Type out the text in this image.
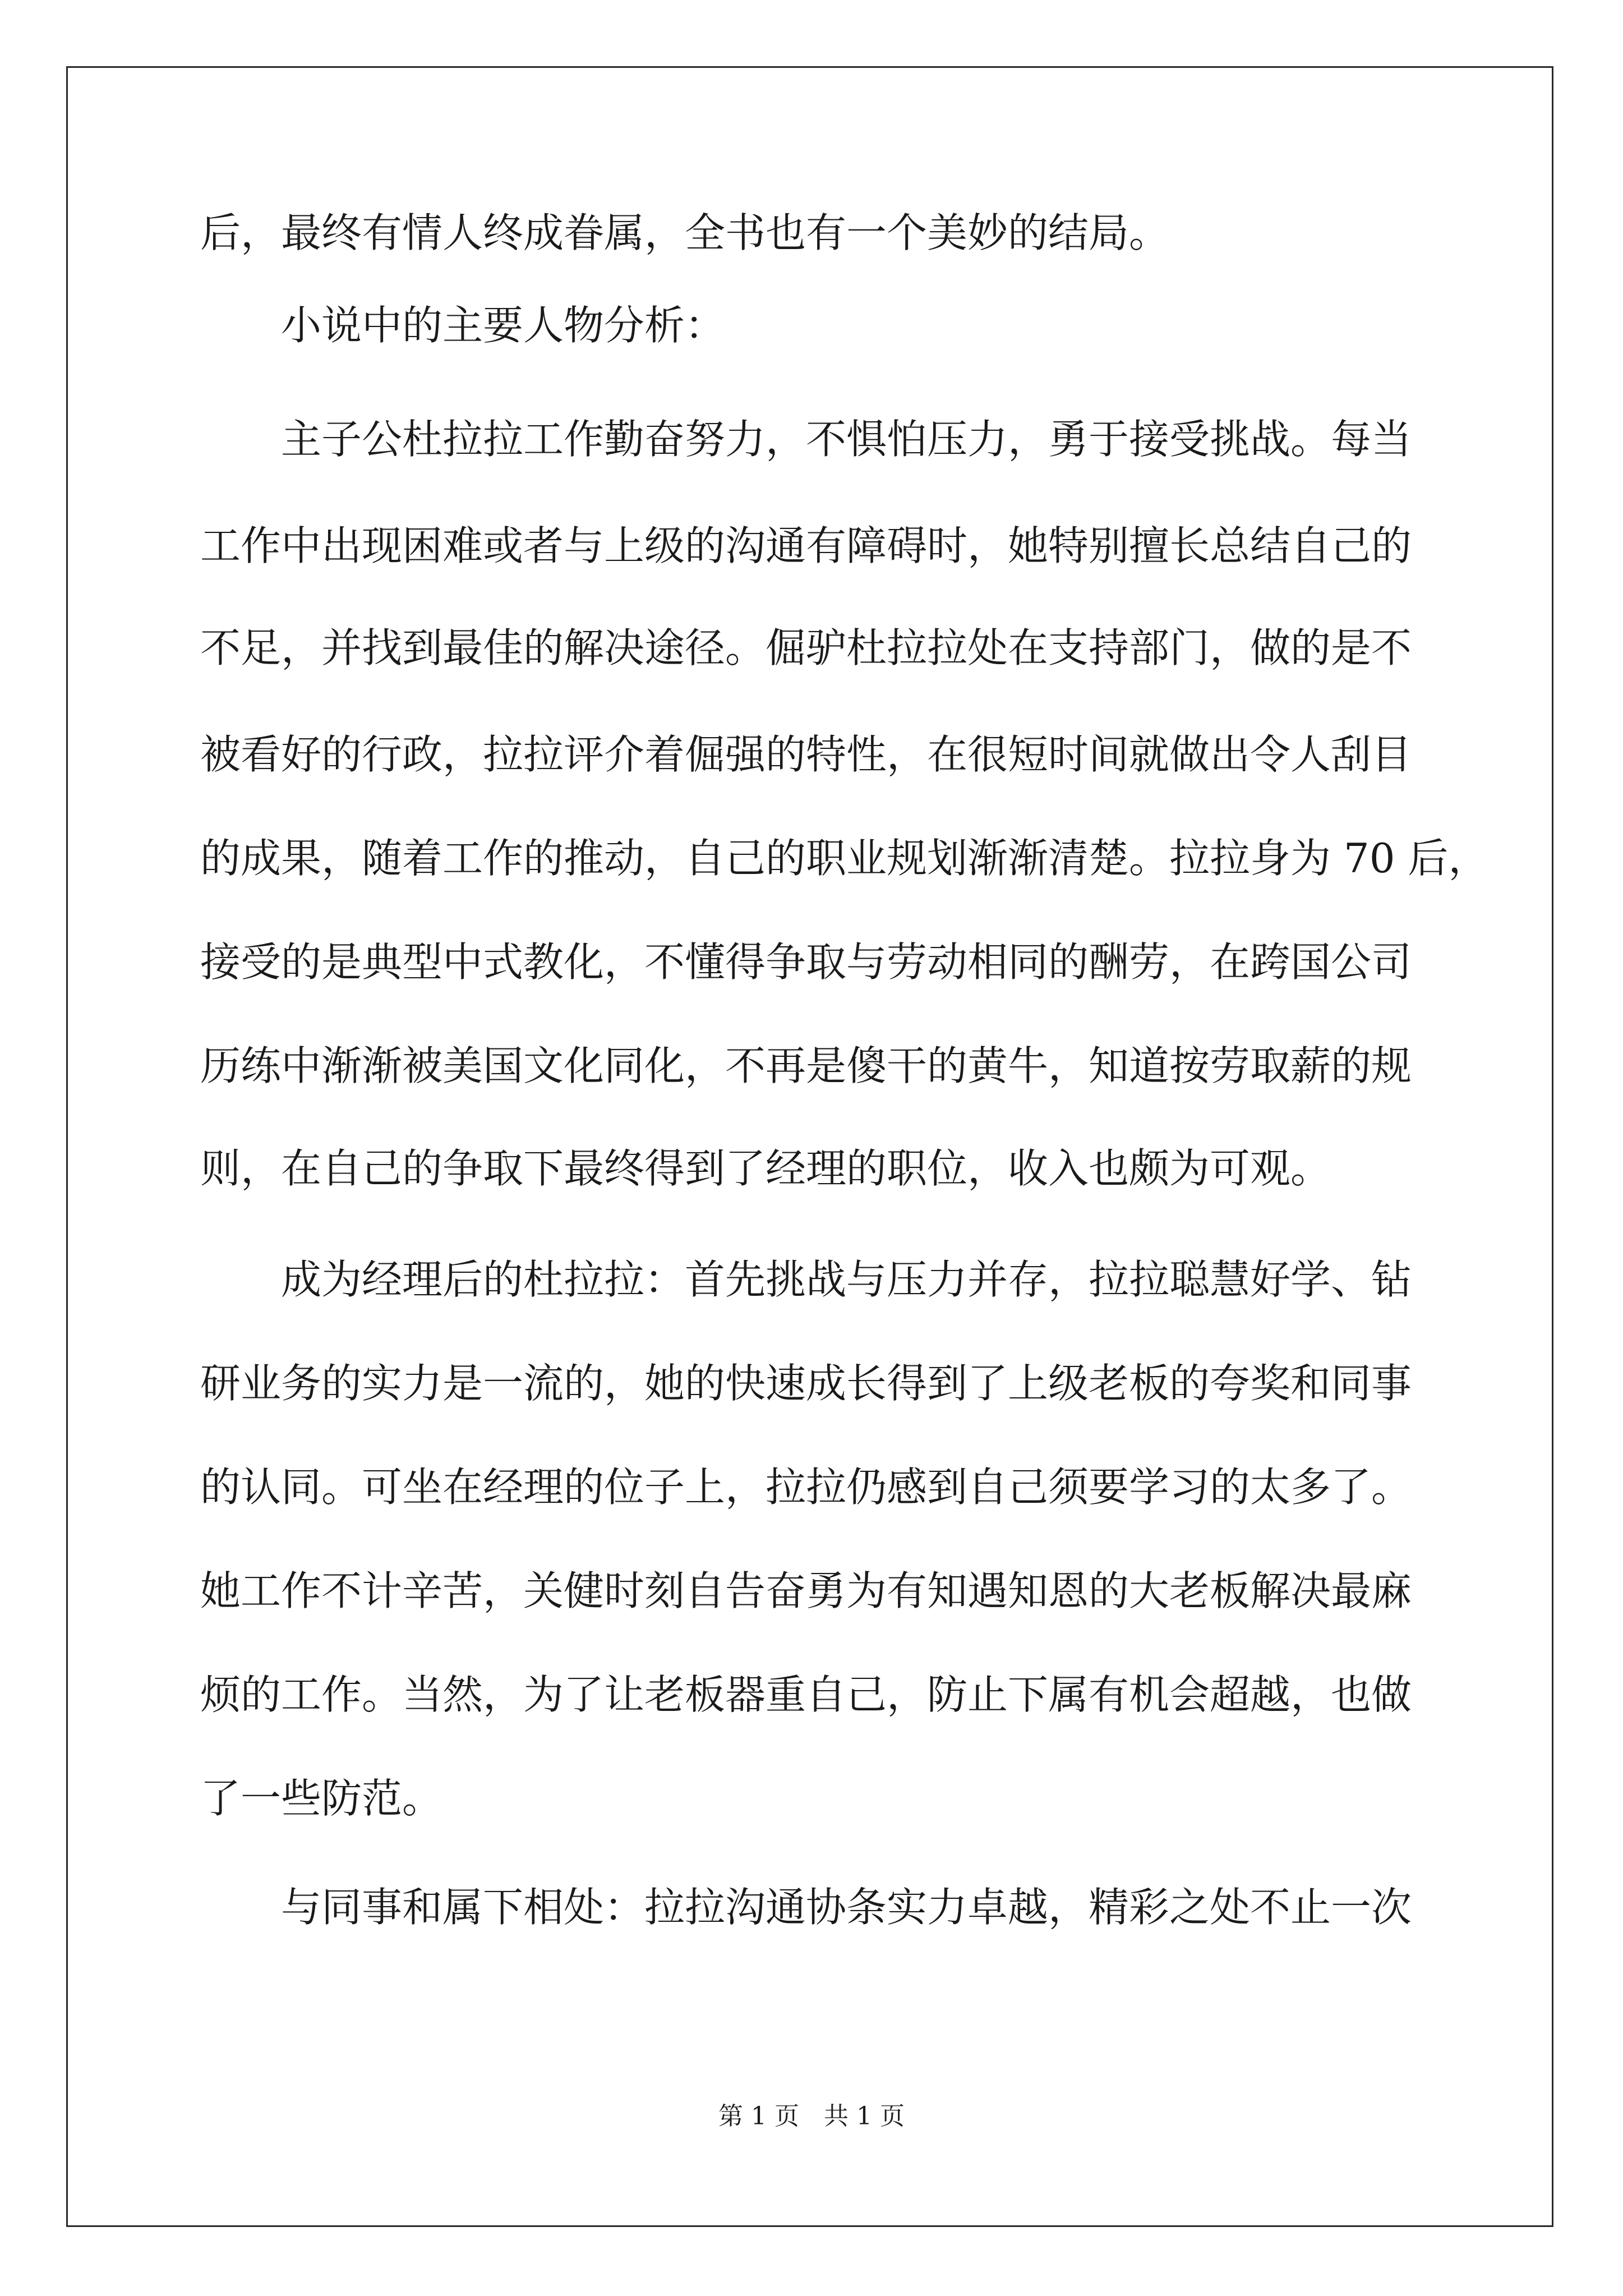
后，最终有情人终成眷属，全书也有一个美妙的结局。
　　小说中的主要人物分析：
　　主子公杜拉拉工作勤奋努力，不惧怕压力，勇于接受挑战。每当
工作中出现困难或者与上级的沟通有障碍时，她特别擅长总结自己的
不足，并找到最佳的解决途径。倔驴杜拉拉处在支持部门，做的是不
被看好的行政，拉拉评介着倔强的特性，在很短时间就做出令人刮目
的成果，随着工作的推动，自己的职业规划渐渐清楚。拉拉身为 70 后，
接受的是典型中式教化，不懂得争取与劳动相同的酬劳，在跨国公司
历练中渐渐被美国文化同化，不再是傻干的黄牛，知道按劳取薪的规
则，在自己的争取下最终得到了经理的职位，收入也颇为可观。
　　成为经理后的杜拉拉：首先挑战与压力并存，拉拉聪慧好学、钻
研业务的实力是一流的，她的快速成长得到了上级老板的夸奖和同事
的认同。可坐在经理的位子上，拉拉仍感到自己须要学习的太多了。
她工作不计辛苦，关健时刻自告奋勇为有知遇知恩的大老板解决最麻
烦的工作。当然，为了让老板器重自己，防止下属有机会超越，也做
了一些防范。
　　与同事和属下相处：拉拉沟通协条实力卓越，精彩之处不止一次
第 1 页　共 1 页
